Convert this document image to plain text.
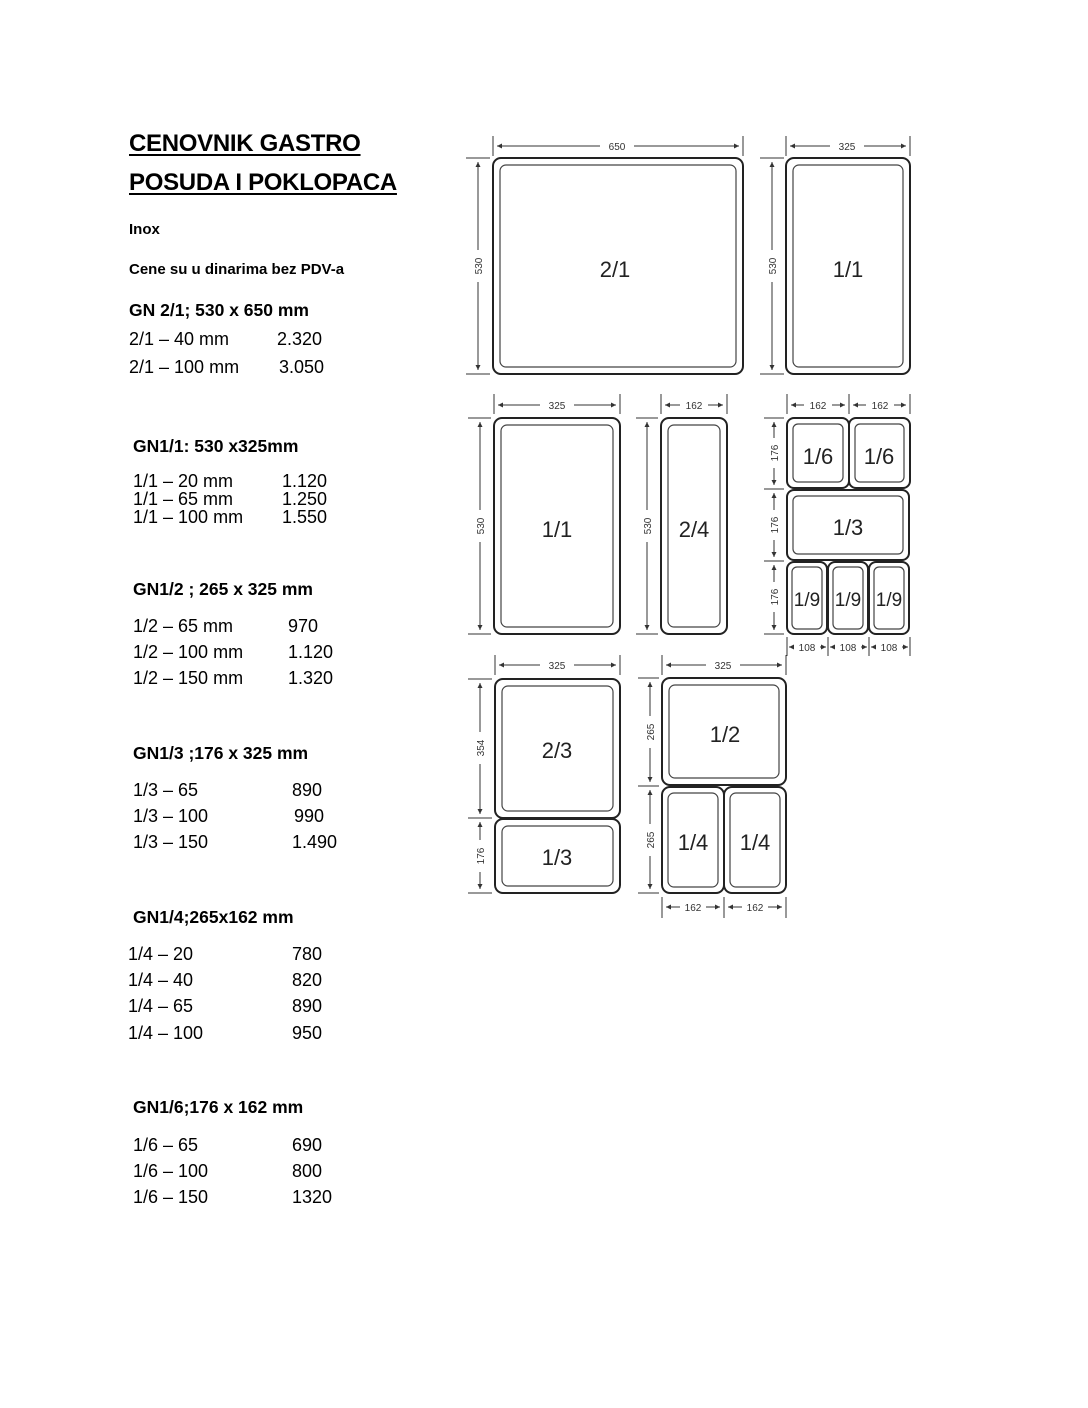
CENOVNIK GASTRO
POSUDA I POKLOPACA
Inox
Cene su u dinarima bez PDV-a
GN 2/1; 530 x 650 mm
2/1 – 40 mm	2.320
2/1 – 100 mm 3.050
GN1/1: 530 x325mm
1/1 – 20 mm	1.120
1/1 – 65 mm	1.250
1/1 – 100 mm 1.550
GN1/2 ; 265 x 325 mm
1/2 – 65 mm	970
1/2 – 100 mm 1.120
1/2 – 150 mm 1.320
GN1/3 ;176 x 325 mm
1/3 – 65	890
1/3 – 100	990
1/3 – 150	1.490
GN1/4;265x162 mm
1/4 – 20	780
1/4 – 40	820
1/4 – 65	890
1/4 – 100	950
GN1/6;176 x 162 mm
1/6 – 65	690
1/6 – 100	800
1/6 – 150	1320
2/1
650
530	1/1
325
530
1/1
325
530	2/4
162
530
1/6 1/6
1/3
1/9 1/9 1/9
162	162
176
176
176
108 108 108
2/3
1/3
325
354
176
1/2
1/4 1/4
325
265
265
162	162
